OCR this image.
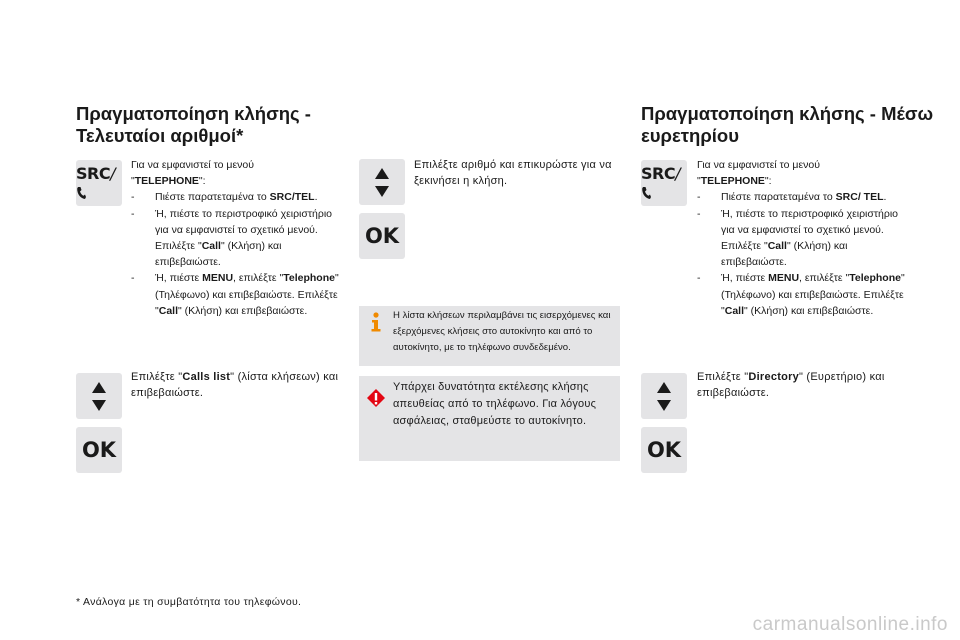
Πραγματοποίηση κλήσης -
Τελευταίοι αριθμοί*
SRC/	Για να εμφανιστεί το μενού
"TELEPHONE":

- Πιέστε παρατεταμένα το SRC/TEL.
- Ή, πιέστε το περιστροφικό χειριστήριο για να εμφανιστεί το σχετικό μενού. Επιλέξτε "Call" (Κλήση) και επιβεβαιώστε.
- Ή, πιέστε MENU, επιλέξτε "Telephone" (Τηλέφωνο) και επιβεβαιώστε. Επιλέξτε "Call" (Κλήση) και επιβεβαιώστε.

Επιλέξτε "Calls list" (λίστα κλήσεων) και επιβεβαιώστε.

OK

Επιλέξτε αριθμό και επικυρώστε για να ξεκινήσει η κλήση.

OK
Η λίστα κλήσεων περιλαμβάνει τις εισερχόμενες και εξερχόμενες κλήσεις στο αυτοκίνητο και από το αυτοκίνητο, με το τηλέφωνο συνδεδεμένο.
Υπάρχει δυνατότητα εκτέλεσης κλήσης απευθείας από το τηλέφωνο. Για λόγους ασφάλειας, σταθμεύστε το αυτοκίνητο.
Πραγματοποίηση κλήσης - Μέσω
ευρετηρίου
SRC/	Για να εμφανιστεί το μενού
"TELEPHONE":

- Πιέστε παρατεταμένα το SRC/ TEL.
- Ή, πιέστε το περιστροφικό χειριστήριο για να εμφανιστεί το σχετικό μενού. Επιλέξτε "Call" (Κλήση) και επιβεβαιώστε.
- Ή, πιέστε MENU, επιλέξτε "Telephone" (Τηλέφωνο) και επιβεβαιώστε. Επιλέξτε "Call" (Κλήση) και επιβεβαιώστε.

Επιλέξτε "Directory" (Ευρετήριο) και επιβεβαιώστε.

OK
* Ανάλογα με τη συμβατότητα του τηλεφώνου.
carmanualsonline.info
